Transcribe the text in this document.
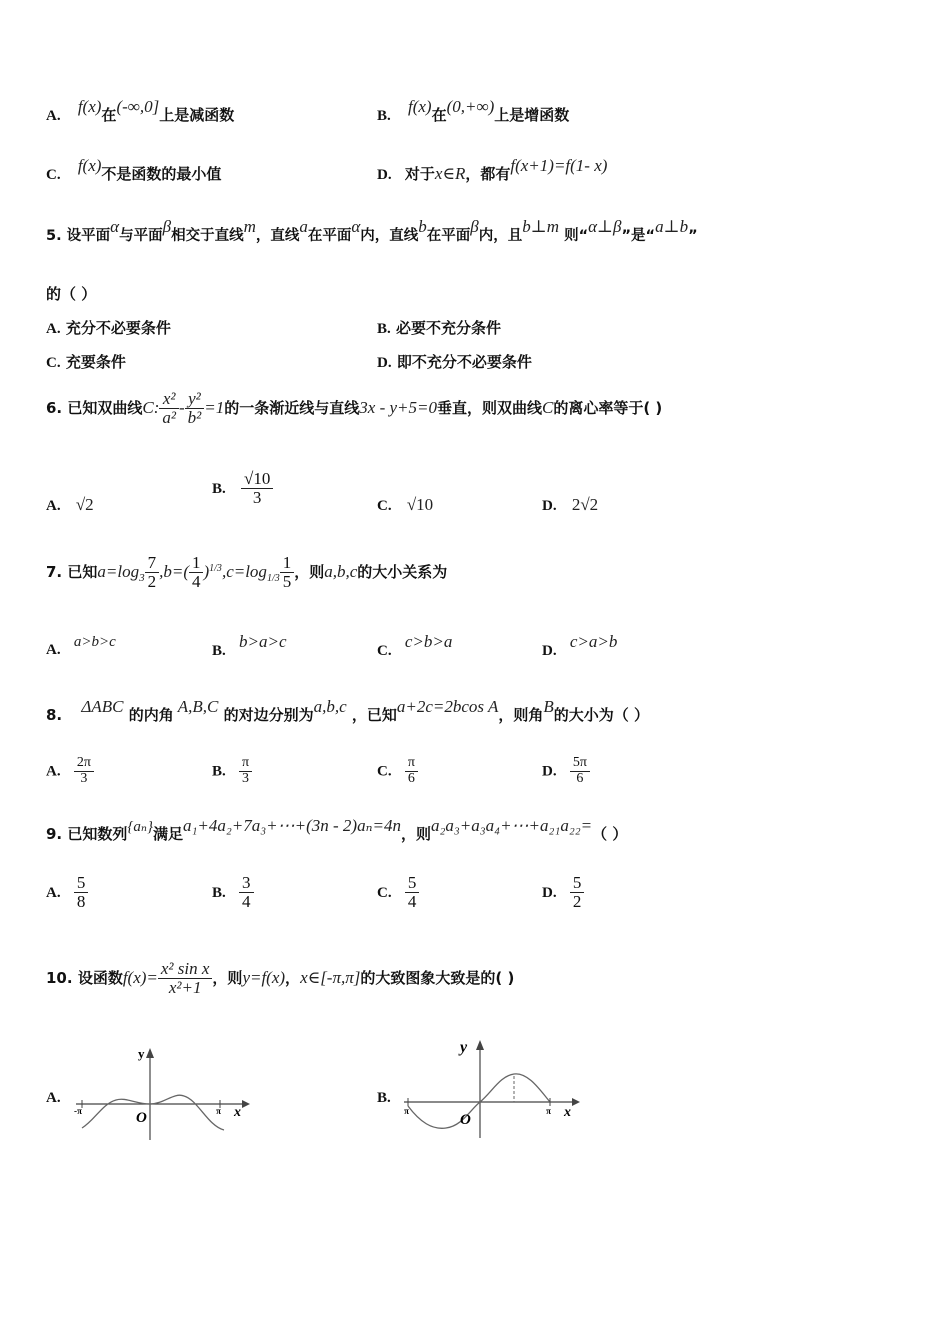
A. f(x)在(-∞,0]上是减函数	B. f(x)在(0,+∞)上是增函数
C. f(x)不是函数的最小值	D. 对于x∈R，都有f(x+1)=f(1- x)
5. 设平面α与平面β相交于直线m，直线a在平面α内，直线b在平面β内，且b⊥m 则“α⊥β”是“a⊥b”
的（ ）
A. 充分不必要条件	B. 必要不充分条件
C. 充要条件	D. 即不充分不必要条件
6. 已知双曲线C: $\frac{\text{x²}}{\text{a²}} - \frac{\text{y²}}{\text{b²}} =1$的一条渐近线与直线3x - y+5=0垂直，则双曲线C的离心率等于( )
A. √2
B. $\frac{√10}{3}$	C. √10	D. 2√2
7. 已知$a=\log_3 \frac{7}{2} ,b=( \frac{1}{4} )^{1/3},c=\log_{1/3} \frac{1}{5}$ ，则a,b,c的大小关系为
A. a>b>c
B. b>a>c	C. c>b>a	D. c>a>b
8. ΔABC 的内角 A,B,C 的对边分别为a,b,c ，已知a+2c=2bcos A，则角B的大小为（ ）
A. $\frac{2\pi}{3}$	B. $\frac{\pi}{3}$	C. $\frac{\pi}{6}$	D. $\frac{5\pi}{6}$
9. 已知数列{aₙ}满足a₁+4a₂+7a₃+⋯+(3n - 2)aₙ=4n，则a₂a₃+a₃a₄+⋯+a₂₁a₂₂=（ ）
A. $\frac{5}{8}$	B. $\frac{3}{4}$	C. $\frac{5}{4}$	D. $\frac{5}{2}$
10. 设函数$f(x)= \frac{\text{x² sin x}}{\text{x²+1}}$ ，则y=f(x)，x∈[-π,π]的大致图象大致是的( )
A.
y
O	x
-π	π
B.
y
O	x
π	π
